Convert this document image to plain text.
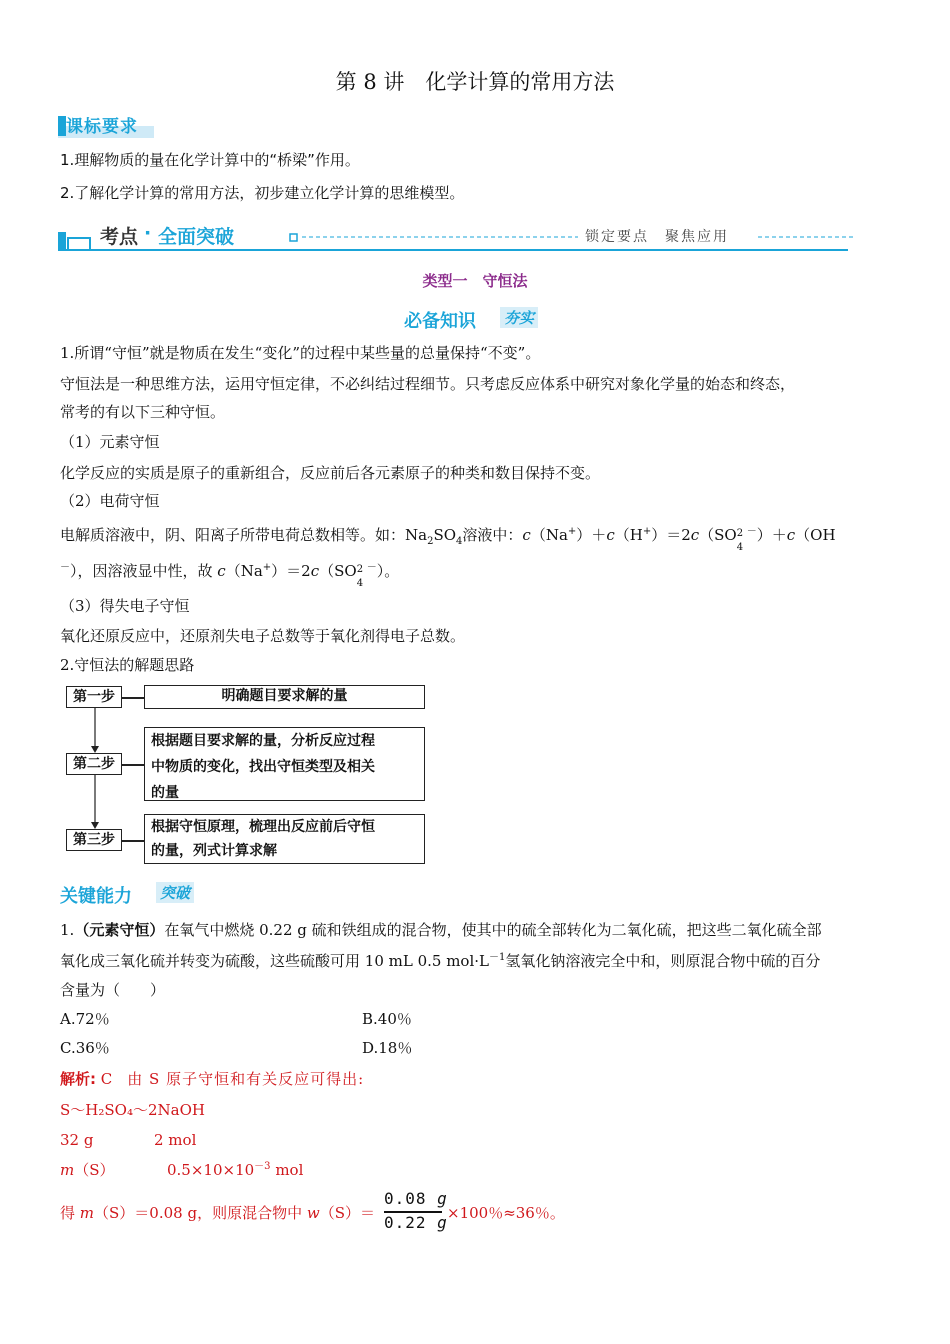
第 8 讲　化学计算的常用方法
课标要求
1.理解物质的量在化学计算中的“桥梁”作用。
2.了解化学计算的常用方法，初步建立化学计算的思维模型。
考点 · 全面突破	锁定要点　聚焦应用
类型一　守恒法
必备知识 夯实
1.所谓“守恒”就是物质在发生“变化”的过程中某些量的总量保持“不变”。
守恒法是一种思维方法，运用守恒定律，不必纠结过程细节。只考虑反应体系中研究对象化学量的始态和终态，
常考的有以下三种守恒。
（1）元素守恒
化学反应的实质是原子的重新组合，反应前后各元素原子的种类和数目保持不变。
（2）电荷守恒
电解质溶液中，阴、阳离子所带电荷总数相等。如：$Na_2SO_4$溶液中：c（Na+）＋c（H+）＝2c（SO 2
4
－）＋c（OH
－），因溶液显中性，故 c（Na+）＝2c（SO 2
4
－）。
（3）得失电子守恒
氧化还原反应中，还原剂失电子总数等于氧化剂得电子总数。
2.守恒法的解题思路
第一步
第二步
第三步
明确题目要求解的量
根据题目要求解的量，分析反应过程
中物质的变化，找出守恒类型及相关
的量
根据守恒原理，梳理出反应前后守恒
的量，列式计算求解
关键能力 突破
1.（元素守恒）在氧气中燃烧 0.22 g 硫和铁组成的混合物，使其中的硫全部转化为二氧化硫，把这些二氧化硫全部
氧化成三氧化硫并转变为硫酸，这些硫酸可用 10 mL 0.5 $mol\cdot L^{-1}$氢氧化钠溶液完全中和，则原混合物中硫的百分
含量为（　　）
A.72％	B.40％
C.36％	D.18％
解析: C　 由 S 原子守恒和有关反应可得出:
S～H₂SO₄～2NaOH
32 g	2 mol
m（S）	$0.5\times 10\times 10^{-3}$ mol
得 m（S）＝0.08 g，则原混合物中 w（S）＝
0.08 g
0.22 g ×100％≈36％。
